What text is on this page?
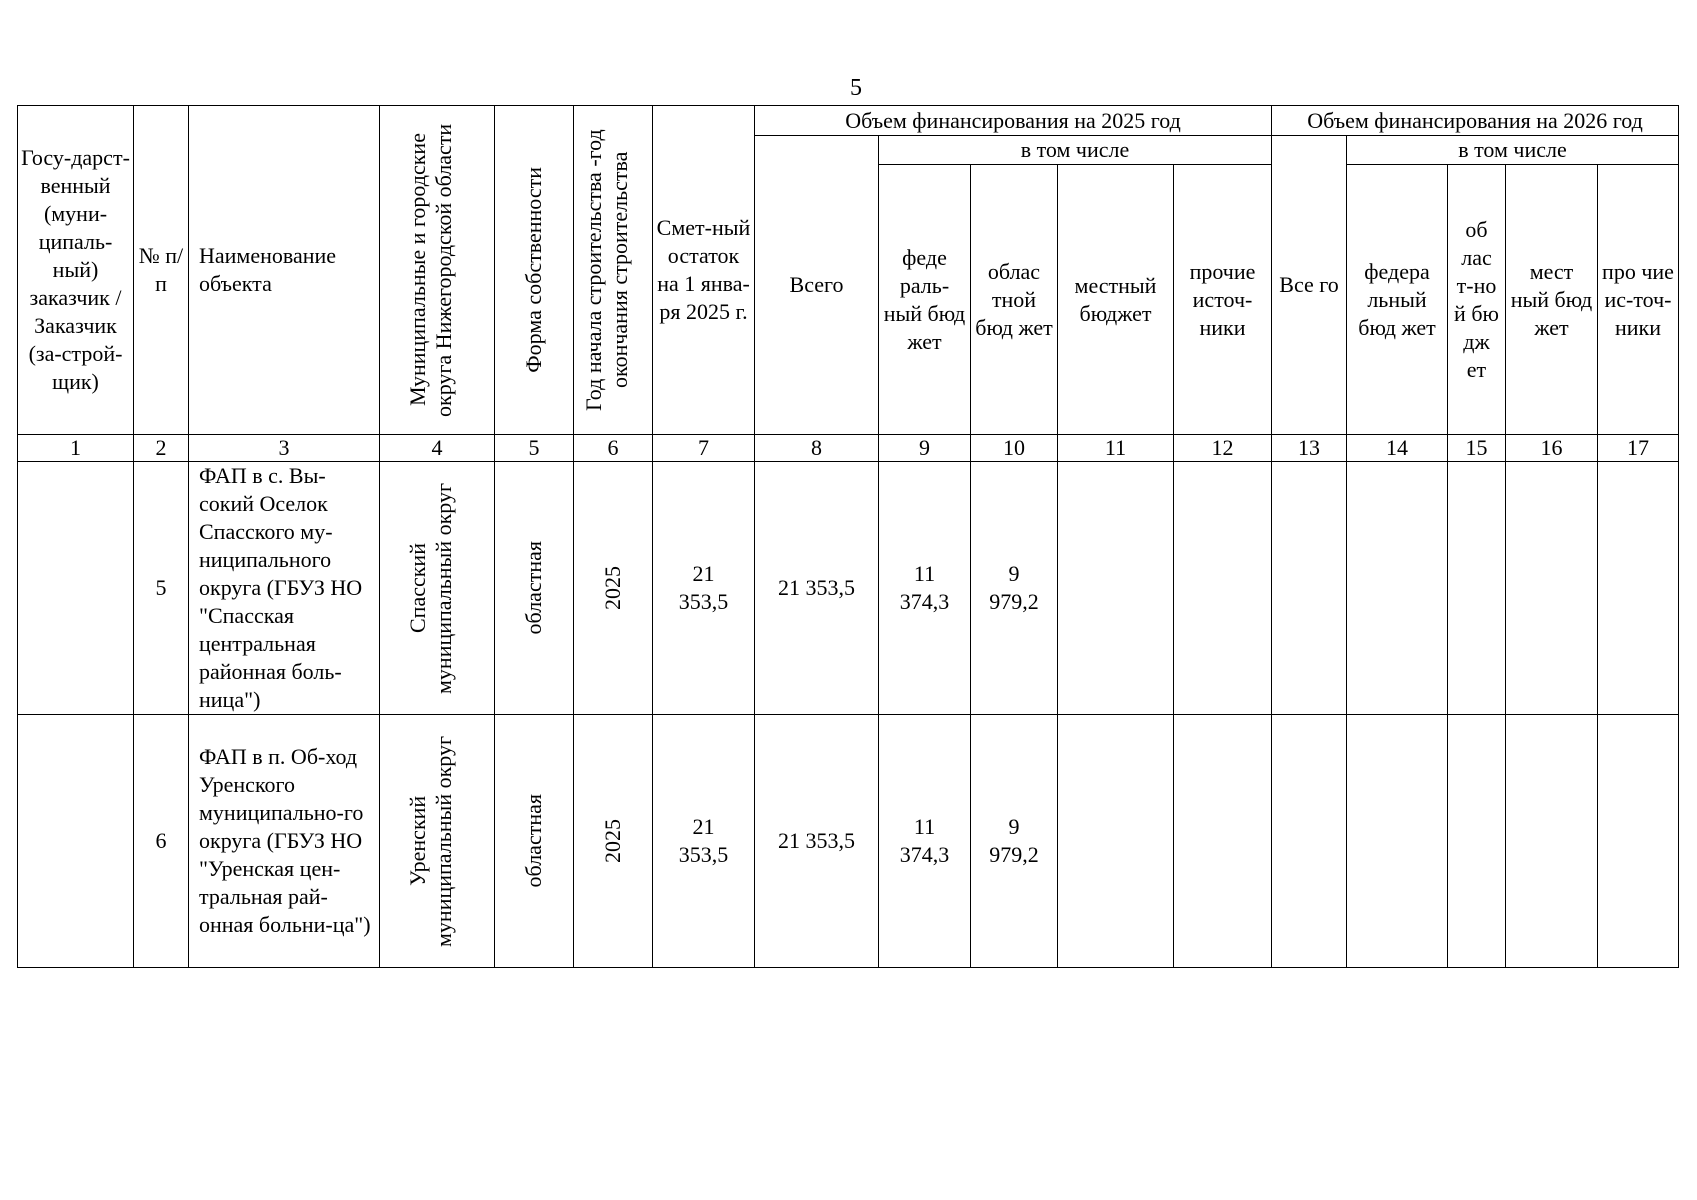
5
Госу-дарст-венный (муни-ципаль-ный) заказчик / Заказчик (за-строй-щик)	№ п/ п	Наименование объекта	Муниципальные и городские округа Нижегородской области	Форма собственности	Год начала строительства -год окончания строительства	Смет-ный остаток на 1 янва-ря 2025 г.	Объем финансирования на 2025 год					Объем финансирования на 2026 год				
							Всего	в том числе				Все го	в том числе			
								феде раль-ный бюд жет	облас тной бюд жет	местный бюджет	прочие источ-ники		федера льный бюд жет	об лас т-но й бю дж ет	мест ный бюд жет	про чие ис-точ-ники
1	2	3	4	5	6	7	8	9	10	11	12	13	14	15	16	17
	5	ФАП в с. Вы-сокий Оселок Спасского му-ниципального округа (ГБУЗ НО "Спасская центральная районная боль-ница")	Спасский муниципальный округ	областная	2025	21 353,5	21 353,5	11 374,3	9 979,2							
	6	ФАП в п. Об-ход Уренского муниципально-го округа (ГБУЗ НО "Уренская цен-тральная рай-онная больни-ца")	Уренский муниципальный округ	областная	2025	21 353,5	21 353,5	11 374,3	9 979,2							
